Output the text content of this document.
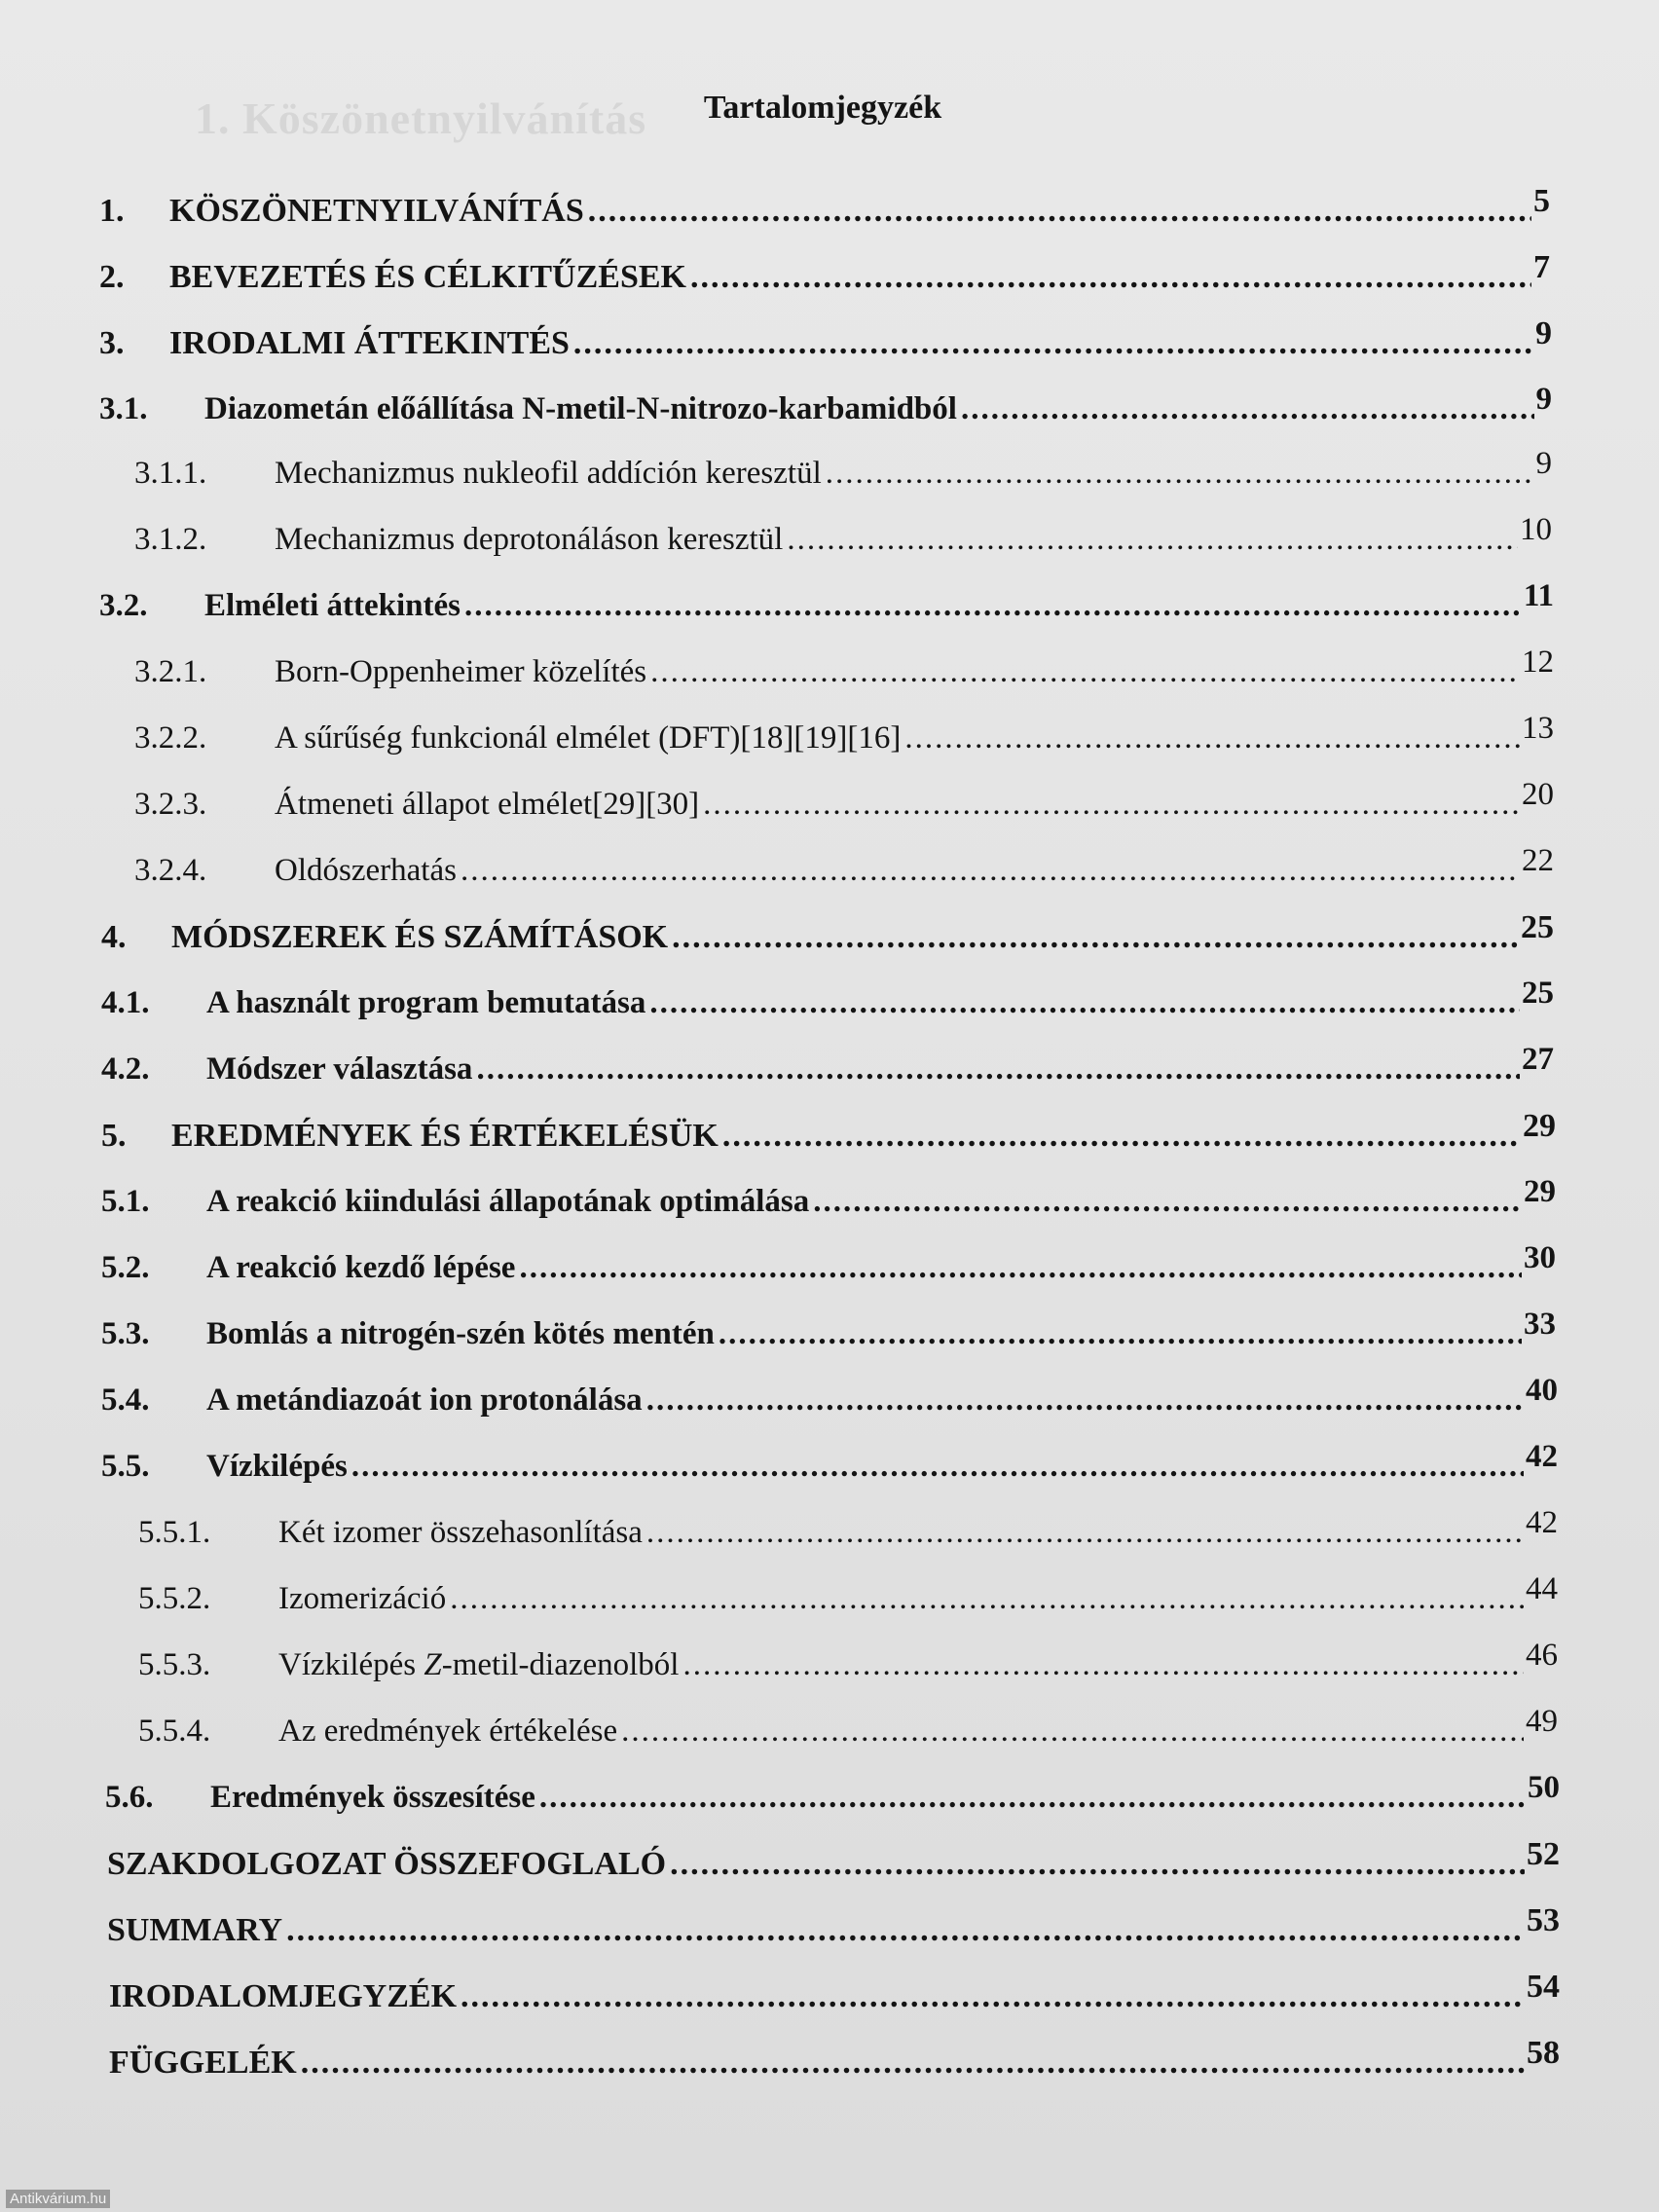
1. Köszönetnyilvánítás	Tartalomjegyzék
1.	KÖSZÖNETNYILVÁNÍTÁS .....	5
2.	BEVEZETÉS ÉS CÉLKITŰZÉSEK .....	7
3.	IRODALMI ÁTTEKINTÉS .....	9
3.1.	Diazometán előállítása N-metil-N-nitrozo-karbamidból .....	9
3.1.1.	Mechanizmus nukleofil addíción keresztül .....	9
3.1.2.	Mechanizmus deprotonáláson keresztül .....	10
3.2.	Elméleti áttekintés .....	11
3.2.1.	Born-Oppenheimer közelítés .....	12
3.2.2.	A sűrűség funkcionál elmélet (DFT)[18][19][16] .....	13
3.2.3.	Átmeneti állapot elmélet[29][30] .....	20
3.2.4.	Oldószerhatás .....	22
4.	MÓDSZEREK ÉS SZÁMÍTÁSOK .....	25
4.1.	A használt program bemutatása .....	25
4.2.	Módszer választása .....	27
5.	EREDMÉNYEK ÉS ÉRTÉKELÉSÜK .....	29
5.1.	A reakció kiindulási állapotának optimálása .....	29
5.2.	A reakció kezdő lépése .....	30
5.3.	Bomlás a nitrogén-szén kötés mentén .....	33
5.4.	A metándiazoát ion protonálása .....	40
5.5.	Vízkilépés .....	42
5.5.1.	Két izomer összehasonlítása .....	42
5.5.2.	Izomerizáció .....	44
5.5.3.	Vízkilépés Z-metil-diazenolból .....	46
5.5.4.	Az eredmények értékelése .....	49
5.6.	Eredmények összesítése .....	50
SZAKDOLGOZAT ÖSSZEFOGLALÓ .....	52
SUMMARY .....	53
IRODALOMJEGYZÉK .....	54
FÜGGELÉK .....	58
Antikvárium.hu
